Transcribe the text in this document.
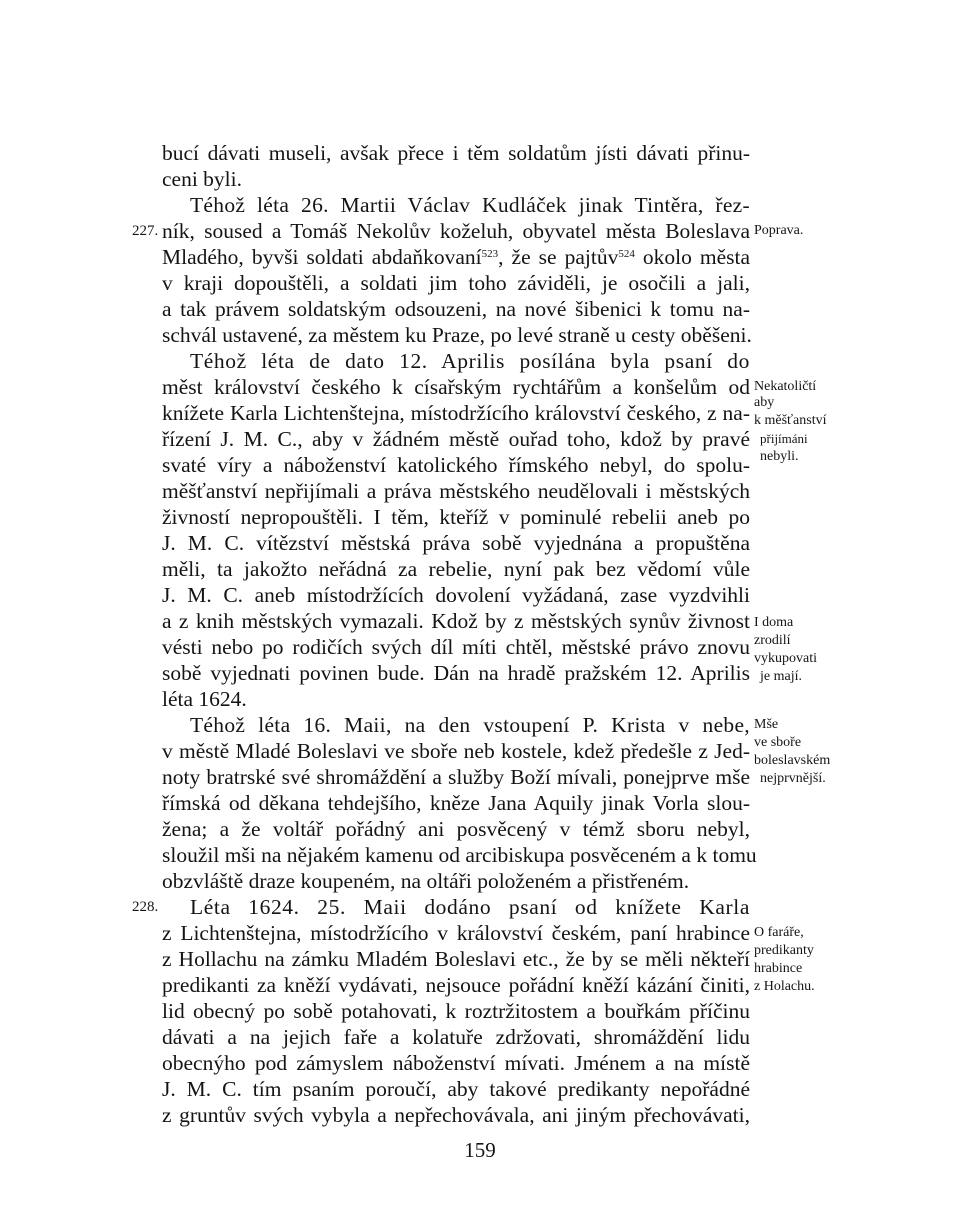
bucí dávati museli, avšak přece i těm soldatům jísti dávati přinu-
ceni byli.
Téhož léta 26. Martii Václav Kudláček jinak Tintěra, řez-
227. ník, soused a Tomáš Nekolův koželuh, obyvatel města Boleslava Poprava.
Mladého, byvši soldati abdaňkovaní$^{523}$, že se pajtův$^{524}$ okolo města
v kraji dopouštěli, a soldati jim toho záviděli, je osočili a jali,
a tak právem soldatským odsouzeni, na nové šibenici k tomu na-
schvál ustavené, za městem ku Praze, po levé straně u cesty oběšeni.
Téhož léta de dato 12. Aprilis posílána byla psaní do
měst království českého k císařským rychtářům a konšelům od Nekatoličtí
knížete Karla Lichtenštejna, místodržícího království českého, z na- aby
řízení J. M. C., aby v žádném městě ouřad toho, kdož by pravé
k měšťanství
přijímáni
svaté víry a náboženství katolického římského nebyl, do spolu- nebyli.
měšťanství nepřijímali a práva městského neudělovali i městských
živností nepropouštěli. I těm, kteříž v pominulé rebelii aneb po
J. M. C. vítězství městská práva sobě vyjednána a propuštěna
měli, ta jakožto neřádná za rebelie, nyní pak bez vědomí vůle
J. M. C. aneb místodržících dovolení vyžádaná, zase vyzdvihli
a z knih městských vymazali. Kdož by z městských synův živnost I doma
vésti nebo po rodičích svých díl míti chtěl, městské právo znovu zrodilí
sobě vyjednati povinen bude. Dán na hradě pražském 12. Aprilis
vykupovati
léta 1624.
je mají.
Téhož léta 16. Maii, na den vstoupení P. Krista v nebe, Mše
v městě Mladé Boleslavi ve sboře neb kostele, kdež předešle z Jed- ve sboře
noty bratrské své shromáždění a služby Boží mívali, ponejprve mše
boleslavském
římská od děkana tehdejšího, kněze Jana Aquily jinak Vorla slou-
nejprvnější.
žena; a že voltář pořádný ani posvěcený v témž sboru nebyl,
sloužil mši na nějakém kamenu od arcibiskupa posvěceném a k tomu
obzvláště draze koupeném, na oltáři položeném a přistřeném.
228.	Léta 1624. 25. Maii dodáno psaní od knížete Karla
z Lichtenštejna, místodržícího v království českém, paní hrabince O faráře,
z Hollachu na zámku Mladém Boleslavi etc., že by se měli někteří predikanty
predikanti za kněží vydávati, nejsouce pořádní kněží kázání činiti,
hrabince
z Holachu.
lid obecný po sobě potahovati, k roztržitostem a bouřkám příčinu
dávati a na jejich faře a kolatuře zdržovati, shromáždění lidu
obecnýho pod zámyslem náboženství mívati. Jménem a na místě
J. M. C. tím psaním poroučí, aby takové predikanty nepořádné
z gruntův svých vybyla a nepřechovávala, ani jiným přechovávati,
159
